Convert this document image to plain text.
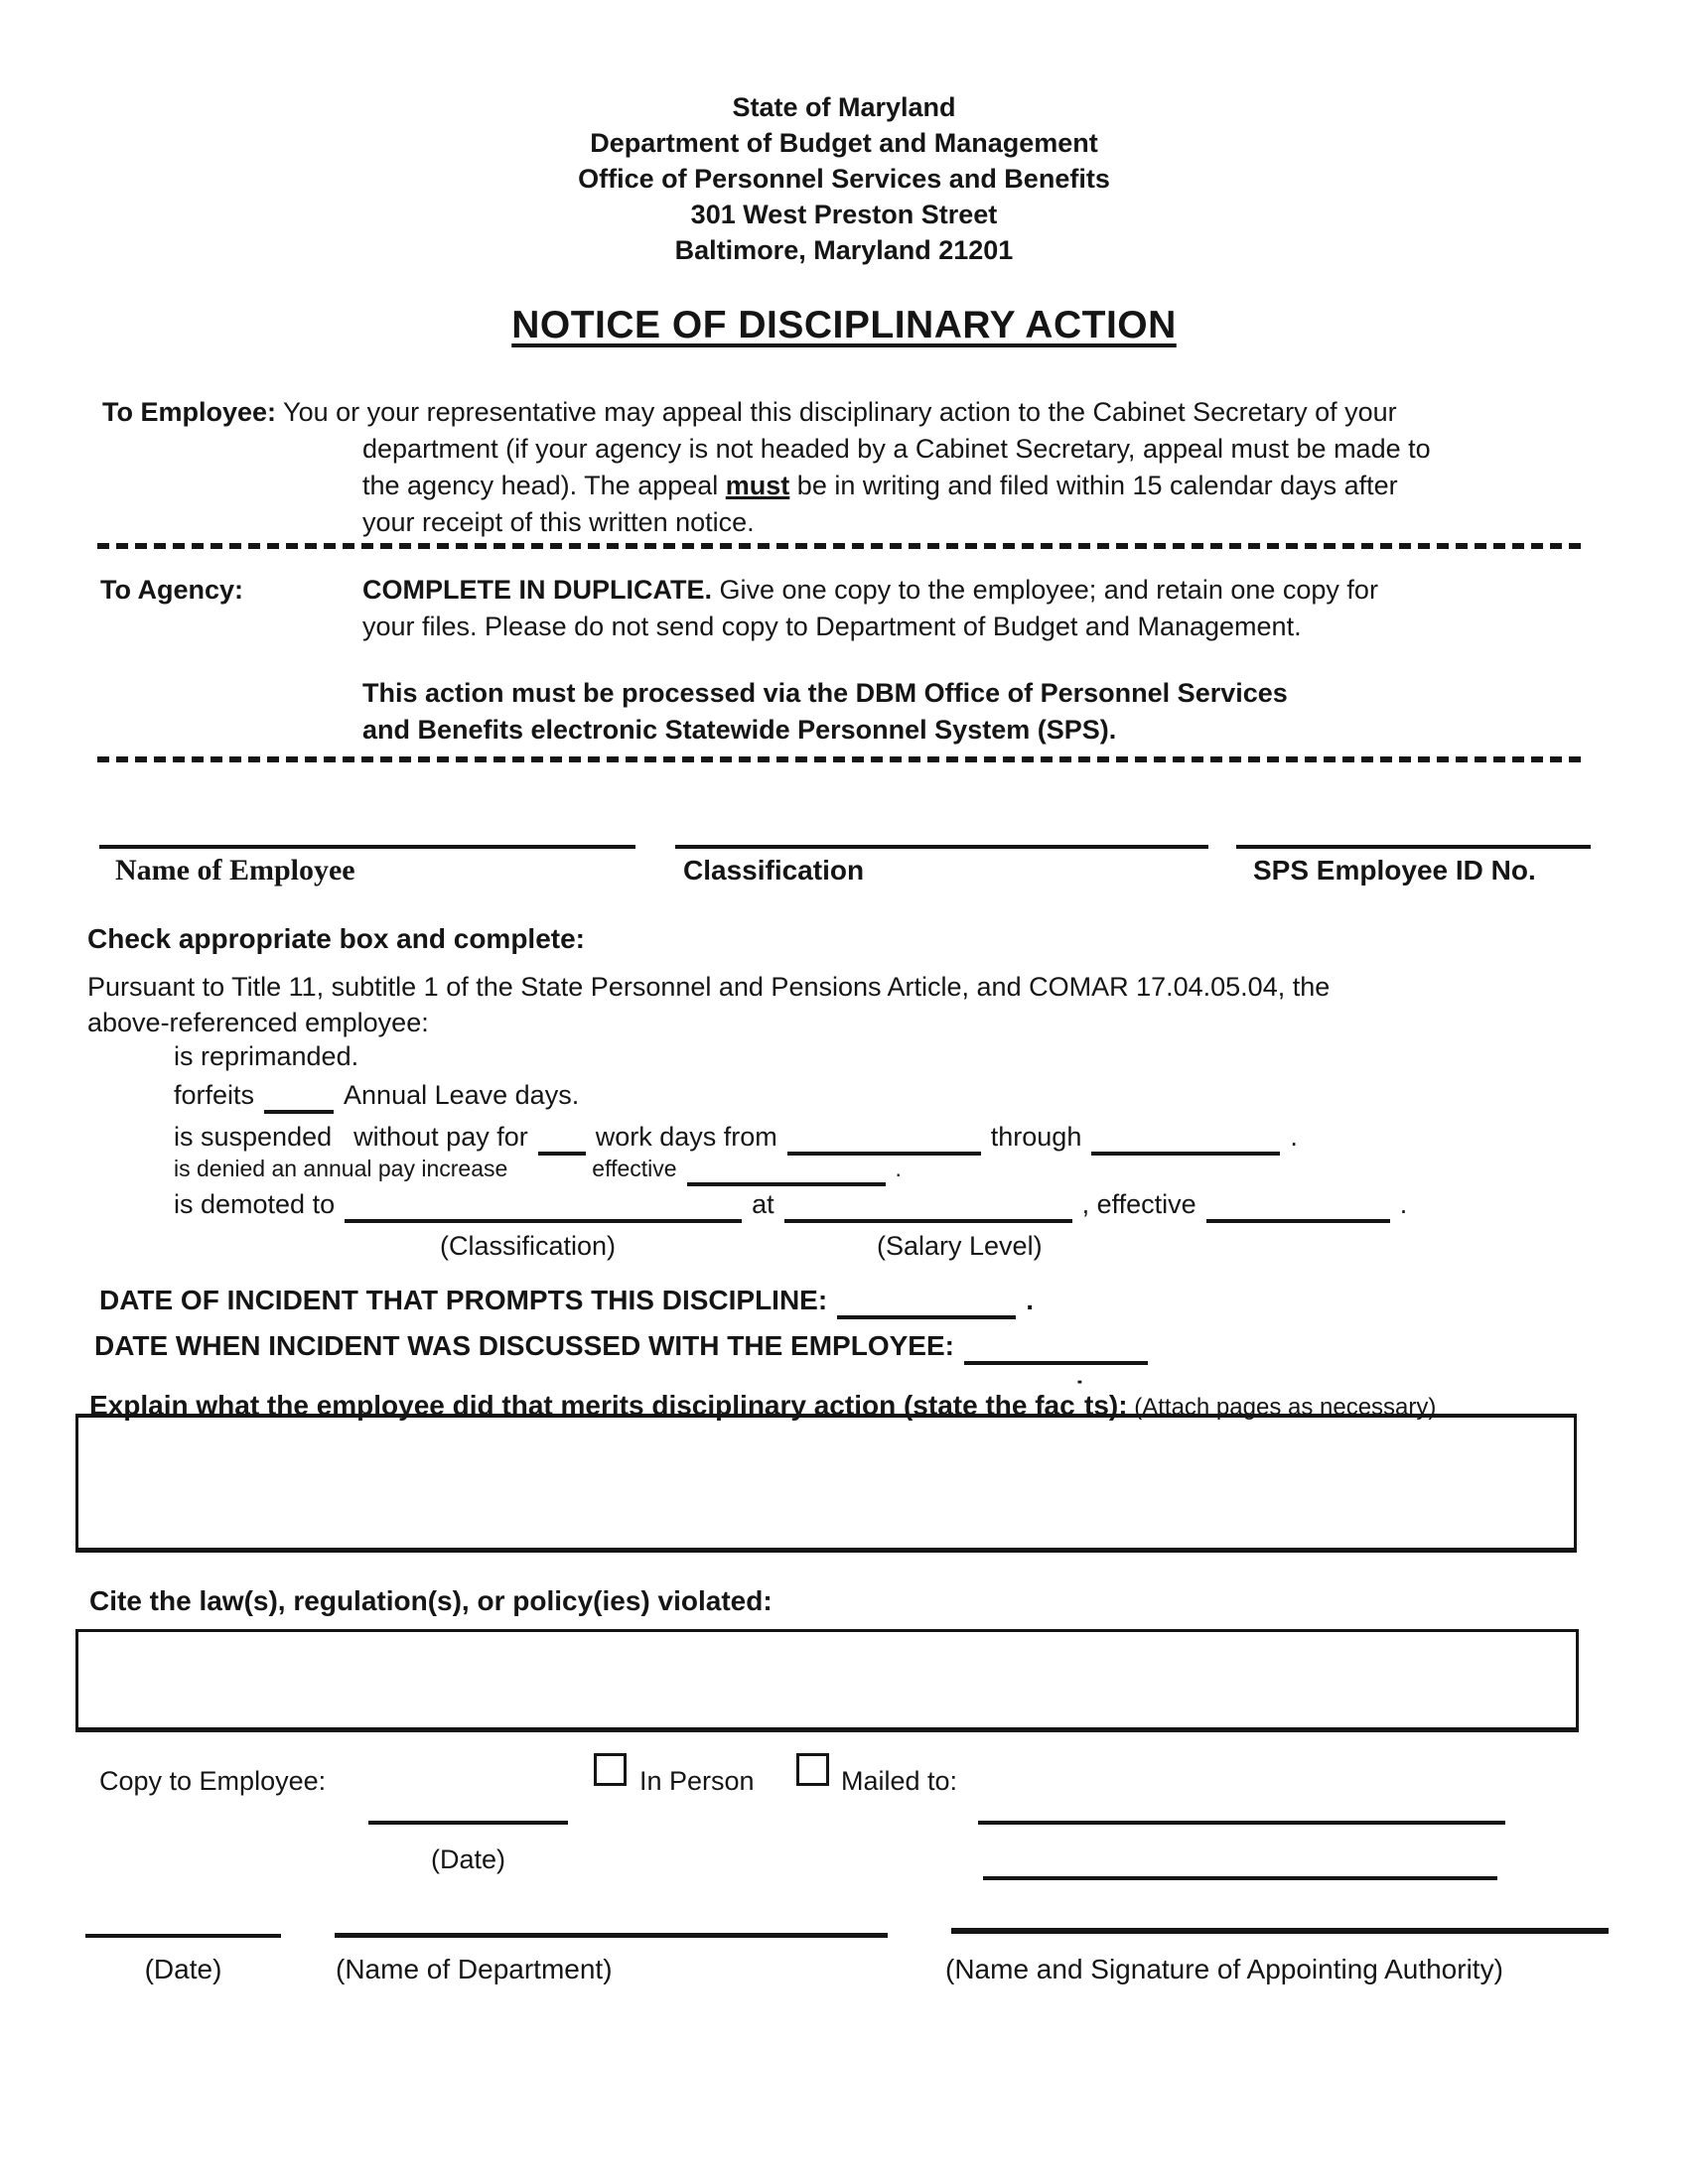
State of Maryland
Department of Budget and Management
Office of Personnel Services and Benefits
301 West Preston Street
Baltimore, Maryland 21201
NOTICE OF DISCIPLINARY ACTION
To Employee: You or your representative may appeal this disciplinary action to the Cabinet Secretary of your
department (if your agency is not headed by a Cabinet Secretary, appeal must be made to
the agency head). The appeal must be in writing and filed within 15 calendar days after
your receipt of this written notice.
To Agency:	COMPLETE IN DUPLICATE. Give one copy to the employee; and retain one copy for
your files. Please do not send copy to Department of Budget and Management.
This action must be processed via the DBM Office of Personnel Services
and Benefits electronic Statewide Personnel System (SPS).
Name of Employee	Classification	SPS Employee ID No.
Check appropriate box and complete:
Pursuant to Title 11, subtitle 1 of the State Personnel and Pensions Article, and COMAR 17.04.05.04, the
above-referenced employee:
is reprimanded.
forfeits	Annual Leave days.
is suspended without pay for	work days from	through	.
is denied an annual pay increase	effective	.
is demoted to	at	, effective	.
(Classification)	(Salary Level)
DATE OF INCIDENT THAT PROMPTS THIS DISCIPLINE:	.
DATE WHEN INCIDENT WAS DISCUSSED WITH THE EMPLOYEE:
Explain what the employee did that merits disciplinary action (state the fac˙ts): (Attach pages as necessary)
Cite the law(s), regulation(s), or policy(ies) violated:
Copy to Employee:
(Date)
In Person	Mailed to:
(Date)	(Name of Department)	(Name and Signature of Appointing Authority)
